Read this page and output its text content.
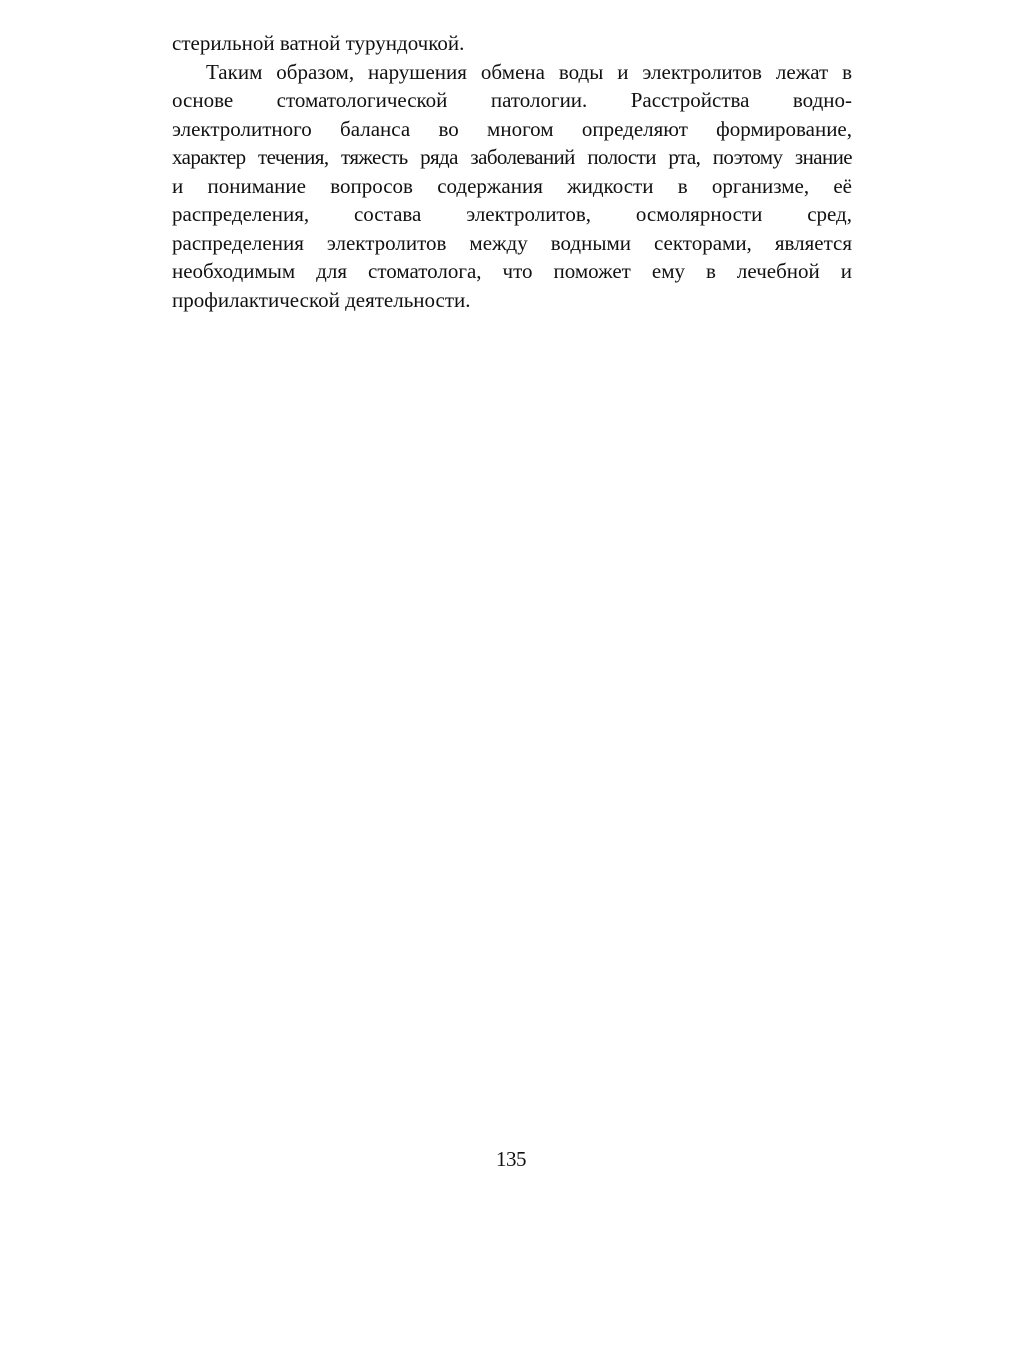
стерильной ватной турундочкой.
Таким образом, нарушения обмена воды и электролитов лежат в
основе стоматологической патологии. Расстройства водно-
электролитного баланса во многом определяют формирование,
характер течения, тяжесть ряда заболеваний полости рта, поэтому знание
и понимание вопросов содержания жидкости в организме, её
распределения, состава электролитов, осмолярности сред,
распределения электролитов между водными секторами, является
необходимым для стоматолога, что поможет ему в лечебной и
профилактической деятельности.
135
